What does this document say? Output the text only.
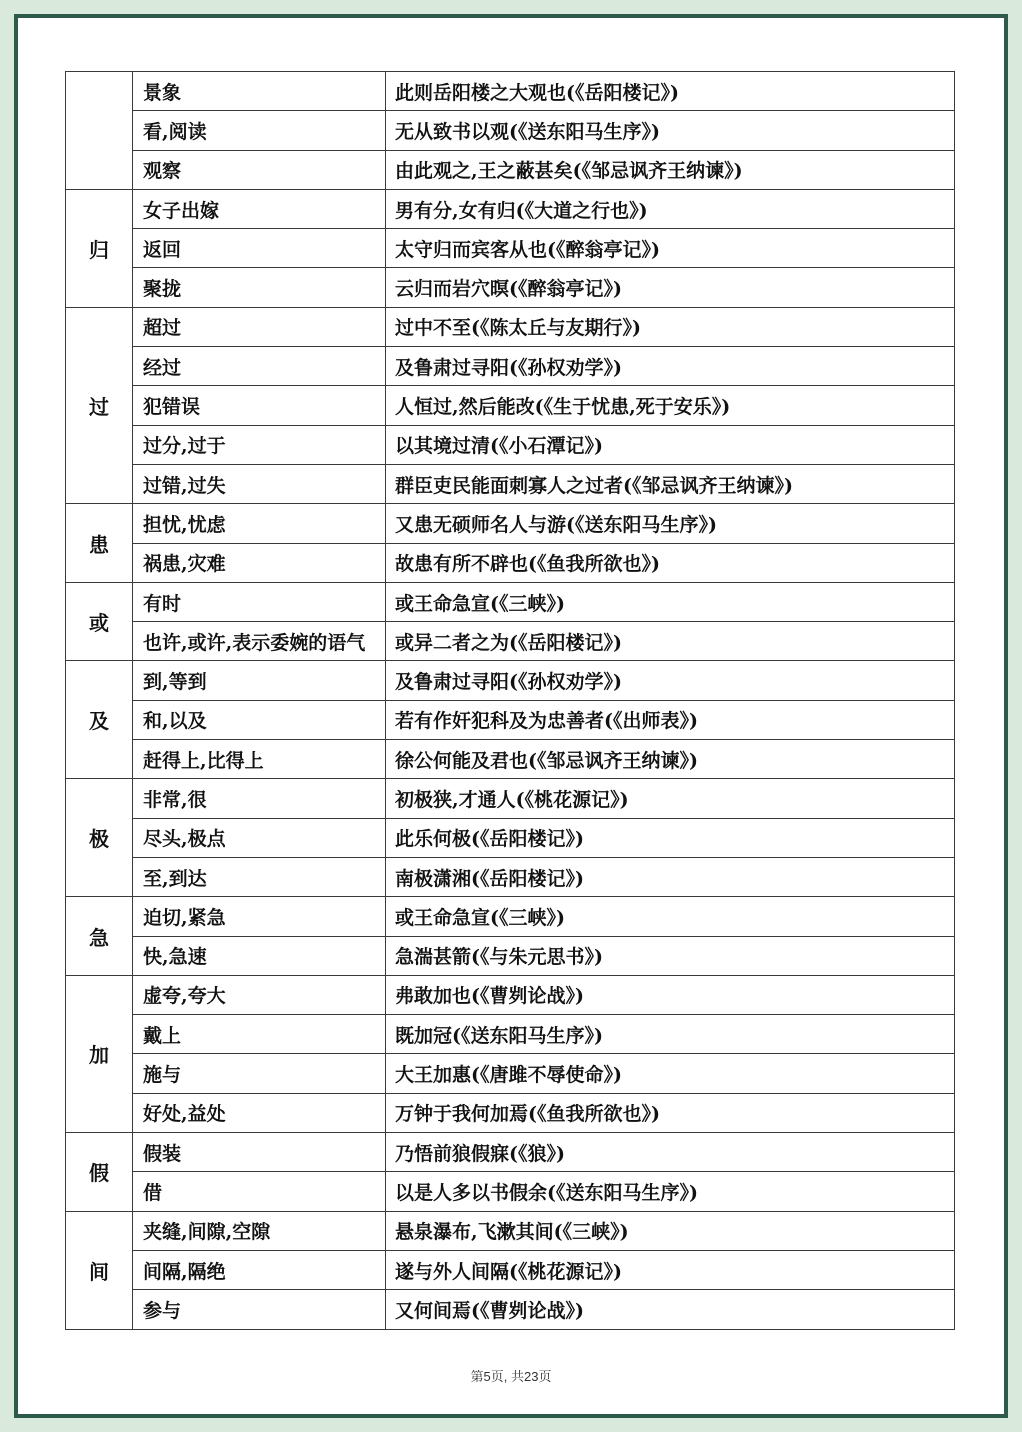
	景象	此则岳阳楼之大观也(《岳阳楼记》)
	看,阅读	无从致书以观(《送东阳马生序》)
	观察	由此观之,王之蔽甚矣(《邹忌讽齐王纳谏》)
归	女子出嫁	男有分,女有归(《大道之行也》)
	返回	太守归而宾客从也(《醉翁亭记》)
	聚拢	云归而岩穴暝(《醉翁亭记》)
过	超过	过中不至(《陈太丘与友期行》)
	经过	及鲁肃过寻阳(《孙权劝学》)
	犯错误	人恒过,然后能改(《生于忧患,死于安乐》)
	过分,过于	以其境过清(《小石潭记》)
	过错,过失	群臣吏民能面刺寡人之过者(《邹忌讽齐王纳谏》)
患	担忧,忧虑	又患无硕师名人与游(《送东阳马生序》)
	祸患,灾难	故患有所不辟也(《鱼我所欲也》)
或	有时	或王命急宣(《三峡》)
	也许,或许,表示委婉的语气	或异二者之为(《岳阳楼记》)
及	到,等到	及鲁肃过寻阳(《孙权劝学》)
	和,以及	若有作奸犯科及为忠善者(《出师表》)
	赶得上,比得上	徐公何能及君也(《邹忌讽齐王纳谏》)
极	非常,很	初极狭,才通人(《桃花源记》)
	尽头,极点	此乐何极(《岳阳楼记》)
	至,到达	南极潇湘(《岳阳楼记》)
急	迫切,紧急	或王命急宣(《三峡》)
	快,急速	急湍甚箭(《与朱元思书》)
加	虚夸,夸大	弗敢加也(《曹刿论战》)
	戴上	既加冠(《送东阳马生序》)
	施与	大王加惠(《唐雎不辱使命》)
	好处,益处	万钟于我何加焉(《鱼我所欲也》)
假	假装	乃悟前狼假寐(《狼》)
	借	以是人多以书假余(《送东阳马生序》)
间	夹缝,间隙,空隙	悬泉瀑布,飞漱其间(《三峡》)
	间隔,隔绝	遂与外人间隔(《桃花源记》)
	参与	又何间焉(《曹刿论战》)
第5页, 共23页
